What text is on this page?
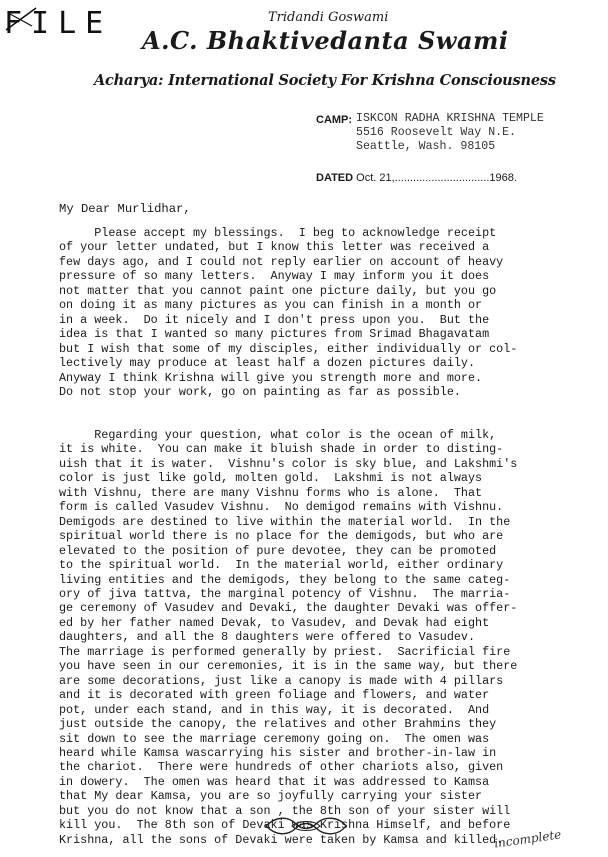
FILE	Tridandi Goswami
A.C. Bhaktivedanta Swami
Acharya: International Society For Krishna Consciousness
CAMP: ISKCON RADHA KRISHNA TEMPLE
5516 Roosevelt Way N.E.
Seattle, Wash. 98105
DATED Oct. 21,...............................1968.
My Dear Murlidhar,
Please accept my blessings.  I beg to acknowledge receipt
of your letter undated, but I know this letter was received a
few days ago, and I could not reply earlier on account of heavy
pressure of so many letters.  Anyway I may inform you it does
not matter that you cannot paint one picture daily, but you go
on doing it as many pictures as you can finish in a month or
in a week.  Do it nicely and I don't press upon you.  But the
idea is that I wanted so many pictures from Srimad Bhagavatam
but I wish that some of my disciples, either individually or col-
lectively may produce at least half a dozen pictures daily.
Anyway I think Krishna will give you strength more and more.
Do not stop your work, go on painting as far as possible.
Regarding your question, what color is the ocean of milk,
it is white.  You can make it bluish shade in order to disting-
uish that it is water.  Vishnu's color is sky blue, and Lakshmi's
color is just like gold, molten gold.  Lakshmi is not always
with Vishnu, there are many Vishnu forms who is alone.  That
form is called Vasudev Vishnu.  No demigod remains with Vishnu.
Demigods are destined to live within the material world.  In the
spiritual world there is no place for the demigods, but who are
elevated to the position of pure devotee, they can be promoted
to the spiritual world.  In the material world, either ordinary
living entities and the demigods, they belong to the same categ-
ory of jiva tattva, the marginal potency of Vishnu.  The marria-
ge ceremony of Vasudev and Devaki, the daughter Devaki was offer-
ed by her father named Devak, to Vasudev, and Devak had eight
daughters, and all the 8 daughters were offered to Vasudev.
The marriage is performed generally by priest.  Sacrificial fire
you have seen in our ceremonies, it is in the same way, but there
are some decorations, just like a canopy is made with 4 pillars
and it is decorated with green foliage and flowers, and water
pot, under each stand, and in this way, it is decorated.  And
just outside the canopy, the relatives and other Brahmins they
sit down to see the marriage ceremony going on.  The omen was
heard while Kamsa wascarrying his sister and brother-in-law in
the chariot.  There were hundreds of other chariots also, given
in dowery.  The omen was heard that it was addressed to Kamsa
that My dear Kamsa, you are so joyfully carrying your sister
but you do not know that a son , the 8th son of your sister will
kill you.  The 8th son of Devaki was Krishna Himself, and before
Krishna, all the sons of Devaki were taken by Kamsa and killed.
incomplete
